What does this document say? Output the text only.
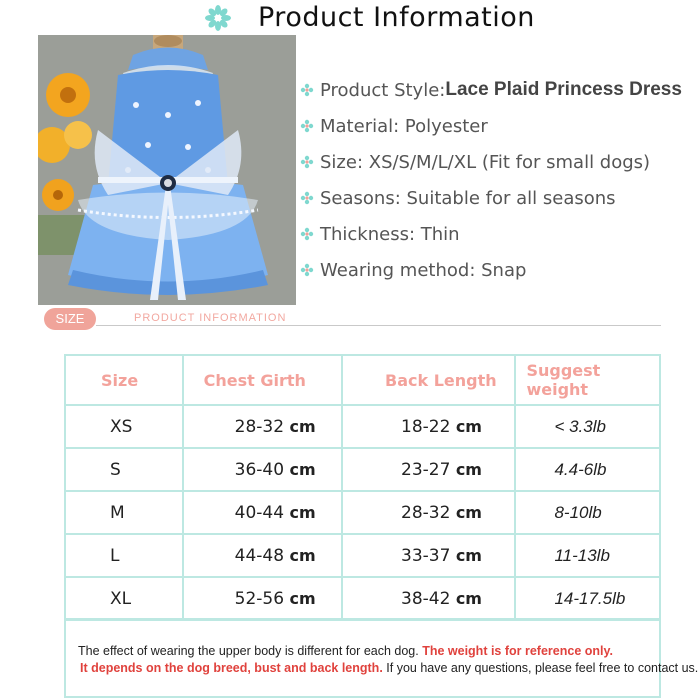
Product Information
Product Style: Lace Plaid Princess Dress
Material: Polyester
Size: XS/S/M/L/XL (Fit for small dogs)
Seasons: Suitable for all seasons
Thickness: Thin
Wearing method: Snap
SIZE	PRODUCT INFORMATION
Size	Chest Girth	Back Length	Suggest weight
XS	28-32 cm	18-22 cm	< 3.3lb
S	36-40 cm	23-27 cm	4.4-6lb
M	40-44 cm	28-32 cm	8-10lb
L	44-48 cm	33-37 cm	11-13lb
XL	52-56 cm	38-42 cm	14-17.5lb
The effect of wearing the upper body is different for each dog. The weight is for reference only.
It depends on the dog breed, bust and back length. If you have any questions, please feel free to contact us.
